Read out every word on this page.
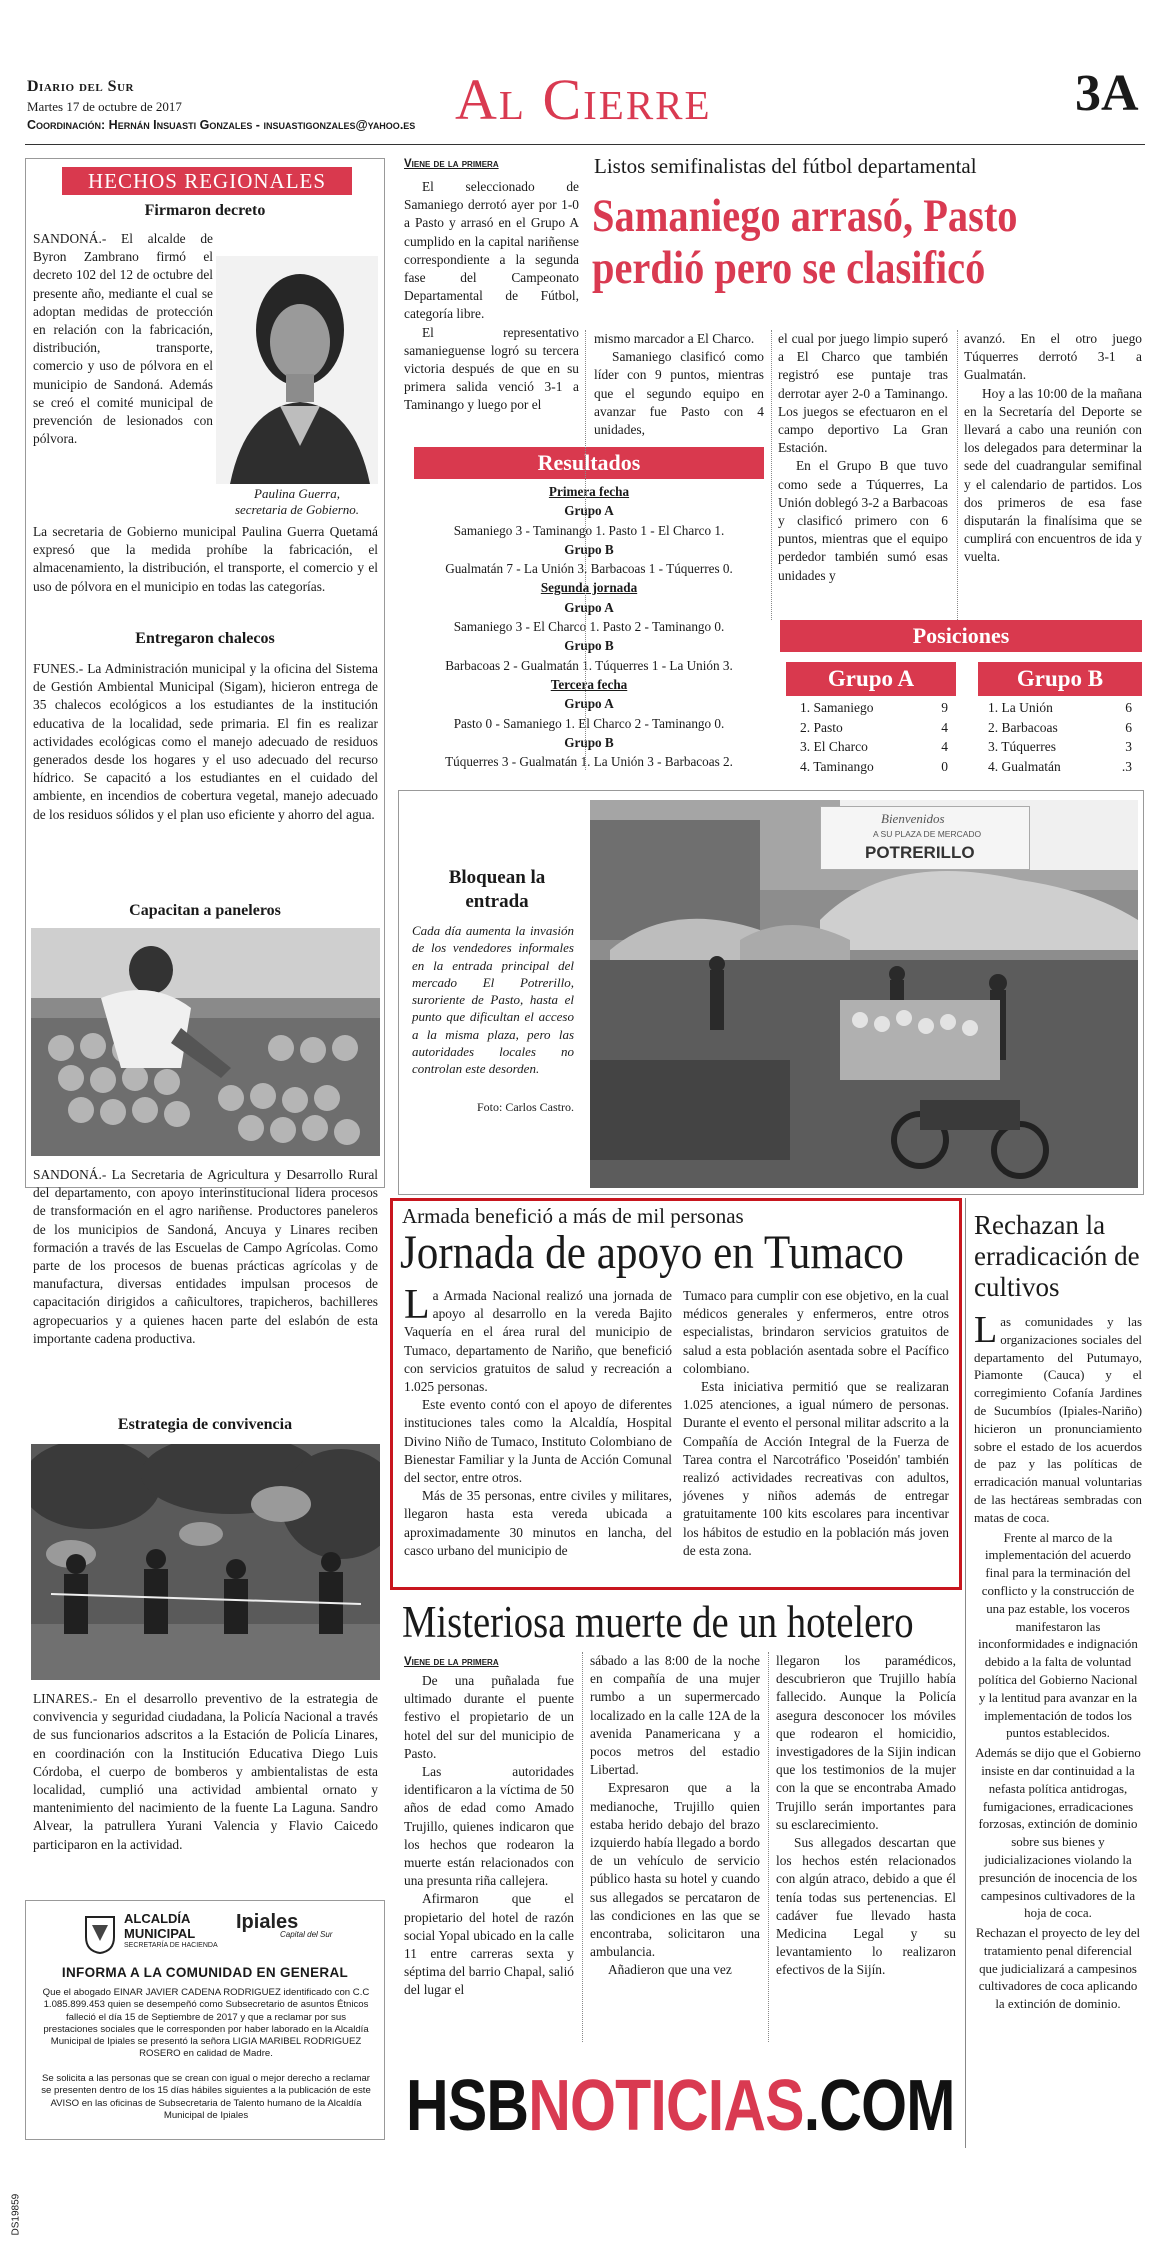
Diario del Sur
Martes 17 de octubre de 2017
Coordinación: Hernán Insuasti Gonzales - insuastigonzales@yahoo.es Al Cierre	3A
HECHOS REGIONALES
Firmaron decreto
SANDONÁ.- El alcalde de Byron Zambrano firmó el decreto 102 del 12 de octubre del presente año, mediante el cual se adoptan medidas de protección en relación con la fabricación, distribución, transporte, comercio y uso de pólvora en el municipio de Sandoná. Además se creó el comité municipal de prevención de lesionados con pólvora.
Paulina Guerra,
secretaria de Gobierno.
La secretaria de Gobierno municipal Paulina Guerra Quetamá expresó que la medida prohíbe la fabricación, el almacenamiento, la distribución, el transporte, el comercio y el uso de pólvora en el municipio en todas las categorías.
Entregaron chalecos
FUNES.- La Administración municipal y la oficina del Sistema de Gestión Ambiental Municipal (Sigam), hicieron entrega de 35 chalecos ecológicos a los estudiantes de la institución educativa de la localidad, sede primaria. El fin es realizar actividades ecológicas como el manejo adecuado de residuos generados desde los hogares y el uso adecuado del recurso hídrico. Se capacitó a los estudiantes en el cuidado del ambiente, en incendios de cobertura vegetal, manejo adecuado de los residuos sólidos y el plan uso eficiente y ahorro del agua.
Capacitan a paneleros
SANDONÁ.- La Secretaria de Agricultura y Desarrollo Rural del departamento, con apoyo interinstitucional lidera procesos de transformación en el agro nariñense. Productores paneleros de los municipios de Sandoná, Ancuya y Linares reciben formación a través de las Escuelas de Campo Agrícolas. Como parte de los procesos de buenas prácticas agrícolas y de manufactura, diversas entidades impulsan procesos de capacitación dirigidos a cañicultores, trapicheros, bachilleres agropecuarios y a quienes hacen parte del eslabón de esta importante cadena productiva.
Estrategia de convivencia
LINARES.- En el desarrollo preventivo de la estrategia de convivencia y seguridad ciudadana, la Policía Nacional a través de sus funcionarios adscritos a la Estación de Policía Linares, en coordinación con la Institución Educativa Diego Luis Córdoba, el cuerpo de bomberos y ambientalistas de esta localidad, cumplió una actividad ambiental ornato y mantenimiento del nacimiento de la fuente La Laguna. Sandro Alvear, la patrullera Yurani Valencia y Flavio Caicedo participaron en la actividad.
ALCALDÍA
MUNICIPAL
SECRETARÍA DE HACIENDA
Ipiales
Capital del Sur
INFORMA A LA COMUNIDAD EN GENERAL
Que el abogado EINAR JAVIER CADENA RODRIGUEZ identificado con C.C 1.085.899.453 quien se desempeñó como Subsecretario de asuntos Étnicos falleció el día 15 de Septiembre de 2017 y que a reclamar por sus prestaciones sociales que le corresponden por haber laborado en la Alcaldía Municipal de Ipiales se presentó la señora LIGIA MARIBEL RODRIGUEZ ROSERO en calidad de Madre.
Se solicita a las personas que se crean con igual o mejor derecho a reclamar se presenten dentro de los 15 días hábiles siguientes a la publicación de este AVISO en las oficinas de Subsecretaria de Talento humano de la Alcaldía Municipal de Ipiales
DS19859
Viene de la primera	Listos semifinalistas del fútbol departamental

El seleccionado de Samaniego derrotó ayer por 1-0 a Pasto y arrasó en el Grupo A cumplido en la capital nariñense correspondiente a la segunda fase del Campeonato Departamental de Fútbol, categoría libre.

El representativo samanieguense logró su tercera victoria después de que en su primera salida venció 3-1 a Taminango y luego por el

Samaniego arrasó, Pasto
perdió pero se clasificó

mismo marcador a El Charco.

Samaniego clasificó como líder con 9 puntos, mientras que el segundo equipo en avanzar fue Pasto con 4 unidades,

el cual por juego limpio superó a El Charco que también registró ese puntaje tras derrotar ayer 2-0 a Taminango. Los juegos se efectuaron en el campo deportivo La Gran Estación.

En el Grupo B que tuvo como sede a Túquerres, La Unión doblegó 3-2 a Barbacoas y clasificó primero con 6 puntos, mientras que el equipo perdedor también sumó esas unidades y

avanzó. En el otro juego Túquerres derrotó 3-1 a Gualmatán.

Hoy a las 10:00 de la mañana en la Secretaría del Deporte se llevará a cabo una reunión con los delegados para determinar la sede del cuadrangular semifinal y el calendario de partidos. Los dos primeros de esa fase disputarán la finalísima que se cumplirá con encuentros de ida y vuelta.

Resultados
Primera fecha
Grupo A
Samaniego 3 - Taminango 1. Pasto 1 - El Charco 1.
Grupo B
Gualmatán 7 - La Unión 3. Barbacoas 1 - Túquerres 0.
Segunda jornada
Grupo A
Samaniego 3 - El Charco 1. Pasto 2 - Taminango 0.
Grupo B
Barbacoas 2 - Gualmatán 1. Túquerres 1 - La Unión 3.
Tercera fecha
Grupo A
Pasto 0 - Samaniego 1. El Charco 2 - Taminango 0.
Grupo B
Túquerres 3 - Gualmatán 1. La Unión 3 - Barbacoas 2.
Posiciones
Grupo A	Grupo B
1. Samaniego	9
2. Pasto	4
3. El Charco	4
4. Taminango	0
1. La Unión	6
2. Barbacoas	6
3. Túquerres	3
4. Gualmatán	.3
Bloquean la
entrada
Cada día aumenta la invasión de los vendedores informales en la entrada principal del mercado El Potrerillo, suroriente de Pasto, hasta el punto que dificultan el acceso a la misma plaza, pero las autoridades locales no controlan este desorden.
Foto: Carlos Castro.
Bienvenidos
A SU PLAZA DE MERCADO
POTRERILLO
Armada benefició a más de mil personas
Jornada de apoyo en Tumaco

La Armada Nacional realizó una jornada de apoyo al desarrollo en la vereda Bajito Vaquería en el área rural del municipio de Tumaco, departamento de Nariño, que benefició con servicios gratuitos de salud y recreación a 1.025 personas.

Este evento contó con el apoyo de diferentes instituciones tales como la Alcaldía, Hospital Divino Niño de Tumaco, Instituto Colombiano de Bienestar Familiar y la Junta de Acción Comunal del sector, entre otros.

Más de 35 personas, entre civiles y militares, llegaron hasta esta vereda ubicada a aproximadamente 30 minutos en lancha, del casco urbano del municipio de

Tumaco para cumplir con ese objetivo, en la cual médicos generales y enfermeros, entre otros especialistas, brindaron servicios gratuitos de salud a esta población asentada sobre el Pacífico colombiano.

Esta iniciativa permitió que se realizaran 1.025 atenciones, a igual número de personas. Durante el evento el personal militar adscrito a la Compañía de Acción Integral de la Fuerza de Tarea contra el Narcotráfico 'Poseidón' también realizó actividades recreativas con adultos, jóvenes y niños además de entregar gratuitamente 100 kits escolares para incentivar los hábitos de estudio en la población más joven de esta zona.

Rechazan la erradicación de cultivos

Las comunidades y las organizaciones sociales del departamento del Putumayo, Piamonte (Cauca) y el corregimiento Cofanía Jardines de Sucumbíos (Ipiales-Nariño) hicieron un pronunciamiento sobre el estado de los acuerdos de paz y las políticas de erradicación manual voluntarias de las hectáreas sembradas con matas de coca.

Frente al marco de la implementación del acuerdo final para la terminación del conflicto y la construcción de una paz estable, los voceros manifestaron las inconformidades e indignación debido a la falta de voluntad política del Gobierno Nacional y la lentitud para avanzar en la implementación de todos los puntos establecidos.

Además se dijo que el Gobierno insiste en dar continuidad a la nefasta política antidrogas, fumigaciones, erradicaciones forzosas, extinción de dominio sobre sus bienes y judicializaciones violando la presunción de inocencia de los campesinos cultivadores de la hoja de coca.

Rechazan el proyecto de ley del tratamiento penal diferencial que judicializará a campesinos cultivadores de coca aplicando la extinción de dominio.

Misteriosa muerte de un hotelero
Viene de la primera

De una puñalada fue ultimado durante el puente festivo el propietario de un hotel del sur del municipio de Pasto.

Las autoridades identificaron a la víctima de 50 años de edad como Amado Trujillo, quienes indicaron que los hechos que rodearon la muerte están relacionados con una presunta riña callejera.

Afirmaron que el propietario del hotel de razón social Yopal ubicado en la calle 11 entre carreras sexta y séptima del barrio Chapal, salió del lugar el

sábado a las 8:00 de la noche en compañía de una mujer rumbo a un supermercado localizado en la calle 12A de la avenida Panamericana y a pocos metros del estadio Libertad.

Expresaron que a la medianoche, Trujillo quien estaba herido debajo del brazo izquierdo había llegado a bordo de un vehículo de servicio público hasta su hotel y cuando sus allegados se percataron de las condiciones en las que se encontraba, solicitaron una ambulancia.

Añadieron que una vez

llegaron los paramédicos, descubrieron que Trujillo había fallecido. Aunque la Policía asegura desconocer los móviles que rodearon el homicidio, investigadores de la Sijin indican que los testimonios de la mujer con la que se encontraba Amado Trujillo serán importantes para su esclarecimiento.

Sus allegados descartan que los hechos estén relacionados con algún atraco, debido a que él tenía todas sus pertenencias. El cadáver fue llevado hasta Medicina Legal y su levantamiento lo realizaron efectivos de la Sijín.

HSBNOTICIAS.COM
